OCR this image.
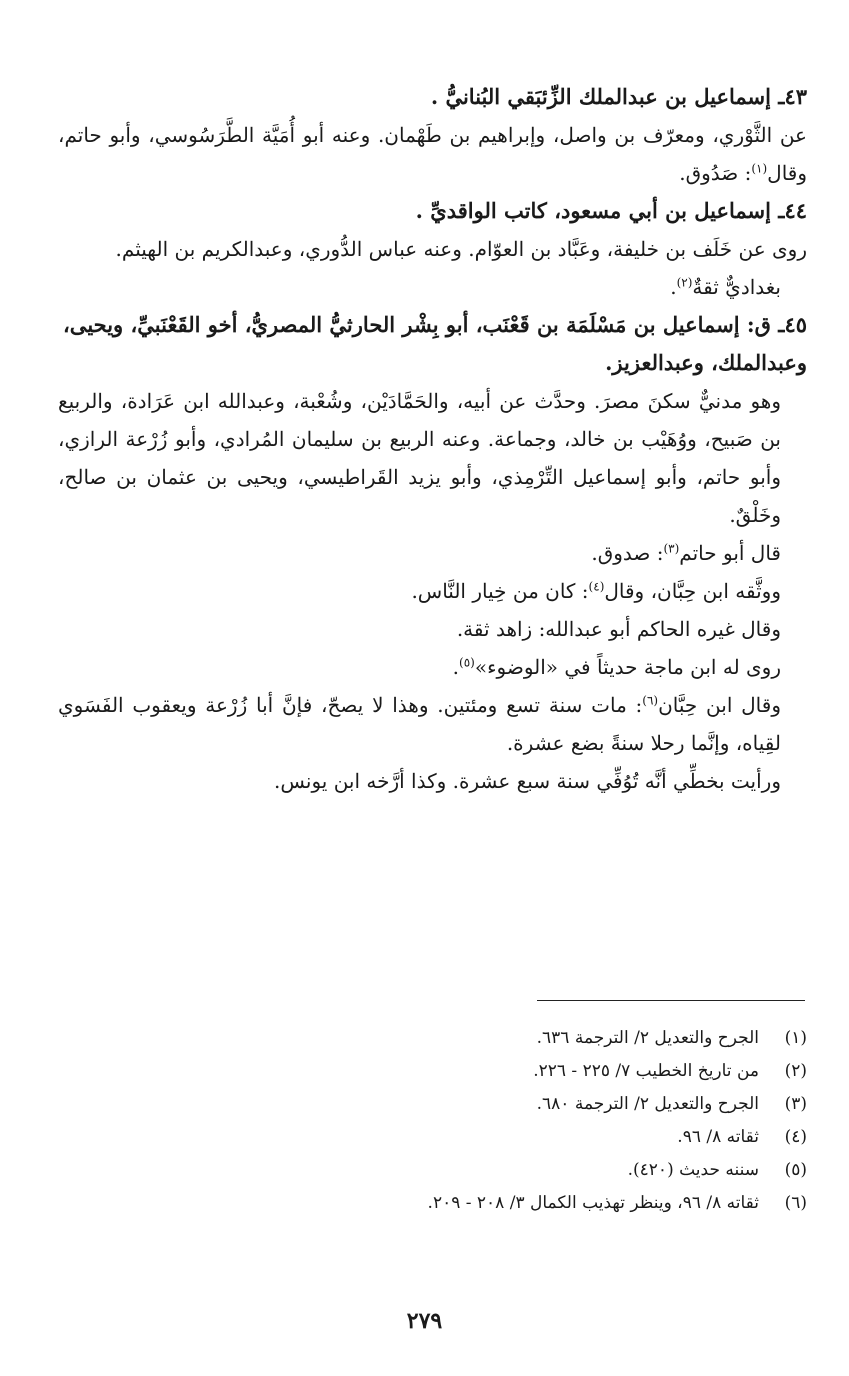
٤٣ـ إسماعيل بن عبدالملك الزِّئبَقي البُنانيُّ .

عن الثَّوْري، ومعرّف بن واصل، وإبراهيم بن طَهْمان. وعنه أبو أُمَيَّة الطَّرَسُوسي، وأبو حاتم، وقال$^{(١)}$: صَدُوق.

٤٤ـ إسماعيل بن أبي مسعود، كاتب الواقديِّ .

روى عن خَلَف بن خليفة، وعَبَّاد بن العوّام. وعنه عباس الدُّوري، وعبدالكريم بن الهيثم.

بغداديٌّ ثقةٌ$^{(٢)}$.

٤٥ـ ق: إسماعيل بن مَسْلَمَة بن قَعْنَب، أبو بِشْر الحارثيُّ المصريُّ، أخو القَعْنَبيِّ، ويحيى، وعبدالملك، وعبدالعزيز.

وهو مدنيٌّ سكنَ مصرَ. وحدَّث عن أبيه، والحَمَّادَيْن، وشُعْبة، وعبدالله ابن عَرَادة، والربيع بن صَبيح، ووُهَيْب بن خالد، وجماعة. وعنه الربيع بن سليمان المُرادي، وأبو زُرْعة الرازي، وأبو حاتم، وأبو إسماعيل التِّرْمِذي، وأبو يزيد القَراطيسي، ويحيى بن عثمان بن صالح، وخَلْقٌ.

قال أبو حاتم$^{(٣)}$: صدوق.

ووثَّقه ابن حِبَّان، وقال$^{(٤)}$: كان من خِيار النَّاس.

وقال غيره الحاكم أبو عبدالله: زاهد ثقة.

روى له ابن ماجة حديثاً في «الوضوء»$^{(٥)}$.

وقال ابن حِبَّان$^{(٦)}$: مات سنة تسع ومئتين. وهذا لا يصحّ، فإنَّ أبا زُرْعة ويعقوب الفَسَوي لقِياه، وإنَّما رحلا سنةً بضع عشرة.

ورأيت بخطِّي أنَّه تُوُفِّي سنة سبع عشرة. وكذا أرَّخه ابن يونس.

(١)
الجرح والتعديل ٢/ الترجمة ٦٣٦.
(٢)
من تاريخ الخطيب ٧/ ٢٢٥ - ٢٢٦.
(٣)
الجرح والتعديل ٢/ الترجمة ٦٨٠.
(٤)
ثقاته ٨/ ٩٦.
(٥)
سننه حديث (٤٢٠).
(٦)
ثقاته ٨/ ٩٦، وينظر تهذيب الكمال ٣/ ٢٠٨ - ٢٠٩.
٢٧٩
